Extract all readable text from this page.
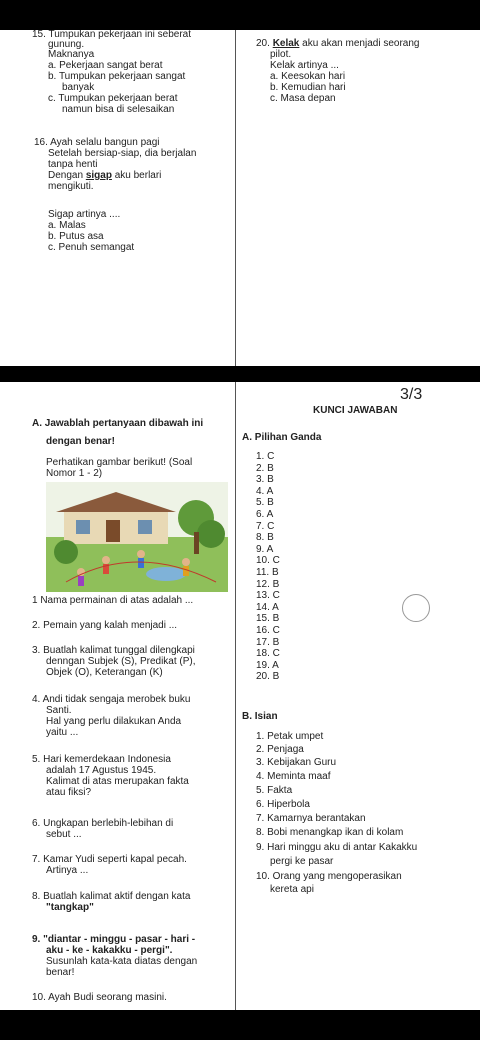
15. Tumpukan pekerjaan ini seberat
gunung.
Maknanya
a. Pekerjaan sangat berat
b. Tumpukan pekerjaan sangat
banyak
c. Tumpukan pekerjaan berat
namun bisa di selesaikan
16. Ayah selalu bangun pagi
Setelah bersiap-siap, dia berjalan
tanpa henti
Dengan sigap aku berlari
mengikuti.
Sigap artinya ....
a. Malas
b. Putus asa
c. Penuh semangat
20. Kelak aku akan menjadi seorang
pilot.
Kelak artinya ...
a. Keesokan hari
b. Kemudian hari
c. Masa depan
A. Jawablah pertanyaan dibawah ini
dengan benar!
Perhatikan gambar berikut! (Soal
Nomor 1 - 2)
1 Nama permainan di atas adalah ...
2. Pemain yang kalah menjadi ...
3. Buatlah kalimat tunggal dilengkapi
denngan Subjek (S), Predikat (P),
Objek (O), Keterangan (K)
4. Andi tidak sengaja merobek buku
Santi.
Hal yang perlu dilakukan Anda
yaitu ...
5. Hari kemerdekaan Indonesia
adalah 17 Agustus 1945.
Kalimat di atas merupakan fakta
atau fiksi?
6. Ungkapan berlebih-lebihan di
sebut ...
7. Kamar Yudi seperti kapal pecah.
Artinya ...
8. Buatlah kalimat aktif dengan kata
"tangkap"
9. "diantar - minggu - pasar - hari -
aku - ke - kakakku - pergi".
Susunlah kata-kata diatas dengan
benar!
10. Ayah Budi seorang masini.
KUNCI JAWABAN
A. Pilihan Ganda
1. C
2. B
3. B
4. A
5. B
6. A
7. C
8. B
9. A
10. C
11. B
12. B
13. C
14. A
15. B
16. C
17. B
18. C
19. A
20. B
B. Isian
1. Petak umpet
2. Penjaga
3. Kebijakan Guru
4. Meminta maaf
5. Fakta
6. Hiperbola
7. Kamarnya berantakan
8. Bobi menangkap ikan di kolam
9. Hari minggu aku di antar Kakakku
pergi ke pasar
10. Orang yang mengoperasikan
kereta api
3/3
